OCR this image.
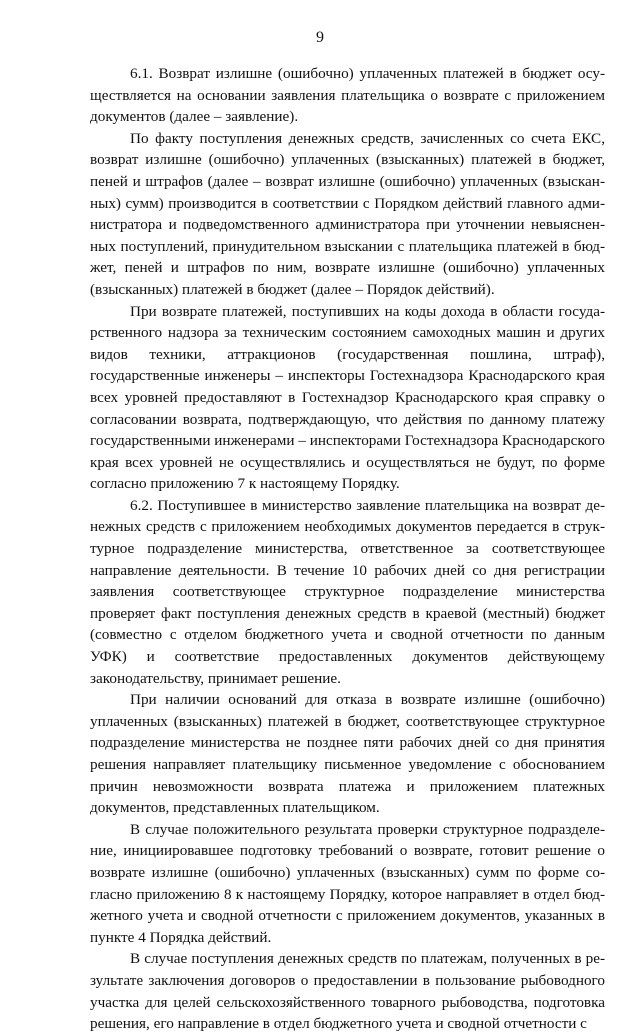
9

6.1. Возврат излишне (ошибочно) уплаченных платежей в бюджет осуществляется на основании заявления плательщика о возврате с приложением документов (далее – заявление).

По факту поступления денежных средств, зачисленных со счета ЕКС, возврат излишне (ошибочно) уплаченных (взысканных) платежей в бюджет, пеней и штрафов (далее – возврат излишне (ошибочно) уплаченных (взысканных) сумм) производится в соответствии с Порядком действий главного администратора и подведомственного администратора при уточнении невыясненных поступлений, принудительном взыскании с плательщика платежей в бюджет, пеней и штрафов по ним, возврате излишне (ошибочно) уплаченных (взысканных) платежей в бюджет (далее – Порядок действий).

При возврате платежей, поступивших на коды дохода в области государственного надзора за техническим состоянием самоходных машин и других видов техники, аттракционов (государственная пошлина, штраф), государственные инженеры – инспекторы Гостехнадзора Краснодарского края всех уровней предоставляют в Гостехнадзор Краснодарского края справку о согласовании возврата, подтверждающую, что действия по данному платежу государственными инженерами – инспекторами Гостехнадзора Краснодарского края всех уровней не осуществлялись и осуществляться не будут, по форме согласно приложению 7 к настоящему Порядку.

6.2. Поступившее в министерство заявление плательщика на возврат денежных средств с приложением необходимых документов передается в структурное подразделение министерства, ответственное за соответствующее направление деятельности. В течение 10 рабочих дней со дня регистрации заявления соответствующее структурное подразделение министерства проверяет факт поступления денежных средств в краевой (местный) бюджет (совместно с отделом бюджетного учета и сводной отчетности по данным УФК) и соответствие предоставленных документов действующему законодательству, принимает решение.

При наличии оснований для отказа в возврате излишне (ошибочно) уплаченных (взысканных) платежей в бюджет, соответствующее структурное подразделение министерства не позднее пяти рабочих дней со дня принятия решения направляет плательщику письменное уведомление с обоснованием причин невозможности возврата платежа и приложением платежных документов, представленных плательщиком.

В случае положительного результата проверки структурное подразделение, инициировавшее подготовку требований о возврате, готовит решение о возврате излишне (ошибочно) уплаченных (взысканных) сумм по форме согласно приложению 8 к настоящему Порядку, которое направляет в отдел бюджетного учета и сводной отчетности с приложением документов, указанных в пункте 4 Порядка действий.

В случае поступления денежных средств по платежам, полученных в результате заключения договоров о предоставлении в пользование рыбоводного участка для целей сельскохозяйственного товарного рыбоводства, подготовка решения, его направление в отдел бюджетного учета и сводной отчетности с
